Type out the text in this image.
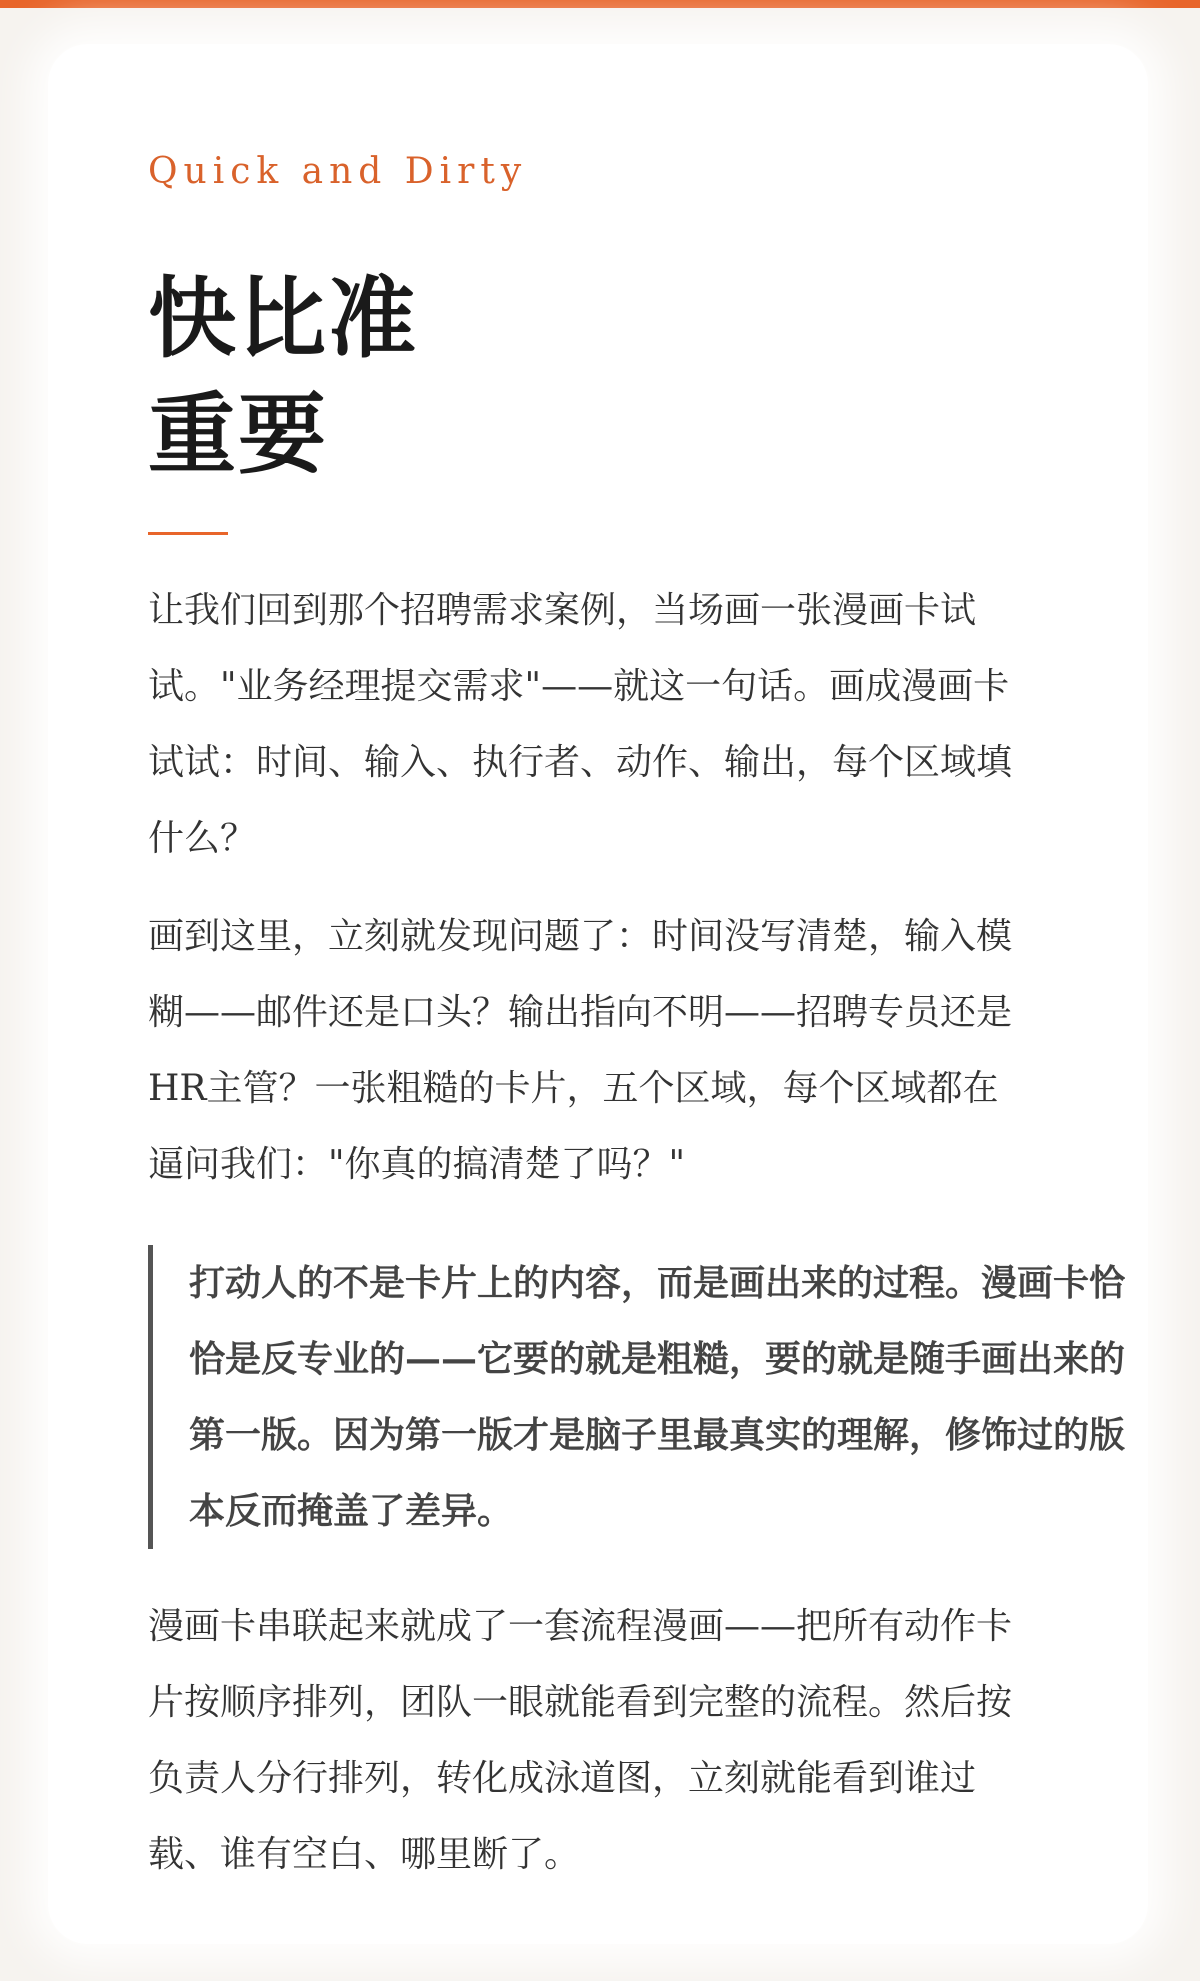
Quick and Dirty

快比准
重要

让我们回到那个招聘需求案例，当场画一张漫画卡试试。"业务经理提交需求"——就这一句话。画成漫画卡试试：时间、输入、执行者、动作、输出，每个区域填什么？

画到这里，立刻就发现问题了：时间没写清楚，输入模糊——邮件还是口头？输出指向不明——招聘专员还是HR主管？一张粗糙的卡片，五个区域，每个区域都在逼问我们："你真的搞清楚了吗？"

打动人的不是卡片上的内容，而是画出来的过程。漫画卡恰恰是反专业的——它要的就是粗糙，要的就是随手画出来的第一版。因为第一版才是脑子里最真实的理解，修饰过的版本反而掩盖了差异。

漫画卡串联起来就成了一套流程漫画——把所有动作卡片按顺序排列，团队一眼就能看到完整的流程。然后按负责人分行排列，转化成泳道图，立刻就能看到谁过载、谁有空白、哪里断了。
